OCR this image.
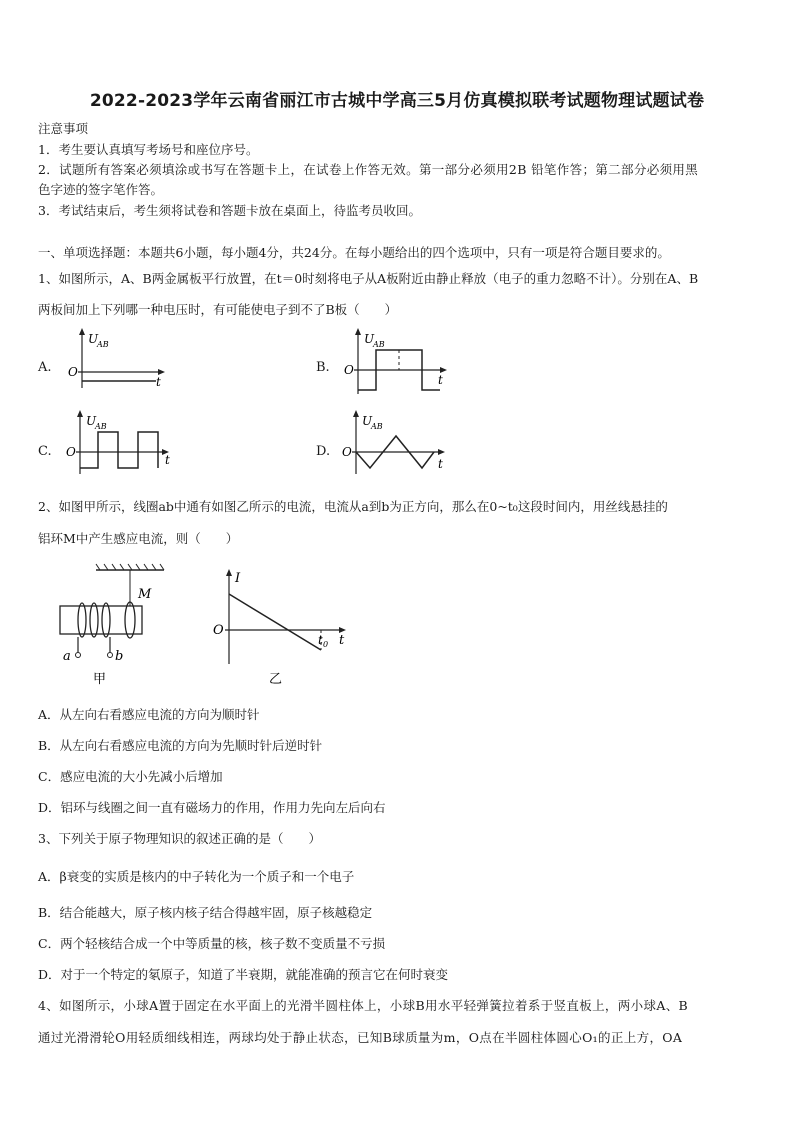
2022-2023学年云南省丽江市古城中学高三5月仿真模拟联考试题物理试题试卷
注意事项
1．考生要认真填写考场号和座位序号。
2．试题所有答案必须填涂或书写在答题卡上，在试卷上作答无效。第一部分必须用2B 铅笔作答；第二部分必须用黑
色字迹的签字笔作答。
3．考试结束后，考生须将试卷和答题卡放在桌面上，待监考员收回。
一、单项选择题：本题共6小题，每小题4分，共24分。在每小题给出的四个选项中，只有一项是符合题目要求的。
1、如图所示，A、B两金属板平行放置，在t＝0时刻将电子从A板附近由静止释放（电子的重力忽略不计）。分别在A、B
两板间加上下列哪一种电压时，有可能使电子到不了B板（　　）
A.	B.
C.	D.
U
AB
O
t
U
AB
O
t
U
AB
O
t
U
AB
O
t
2、如图甲所示，线圈ab中通有如图乙所示的电流，电流从a到b为正方向，那么在0~t₀这段时间内，用丝线悬挂的
铝环M中产生感应电流，则（　　）
M
a	b
甲
I
O
t 0 t
乙
A．从左向右看感应电流的方向为顺时针
B．从左向右看感应电流的方向为先顺时针后逆时针
C．感应电流的大小先减小后增加
D．铝环与线圈之间一直有磁场力的作用，作用力先向左后向右
3、下列关于原子物理知识的叙述正确的是（　　）
A．β衰变的实质是核内的中子转化为一个质子和一个电子
B．结合能越大，原子核内核子结合得越牢固，原子核越稳定
C．两个轻核结合成一个中等质量的核，核子数不变质量不亏损
D．对于一个特定的氡原子，知道了半衰期，就能准确的预言它在何时衰变
4、如图所示，小球A置于固定在水平面上的光滑半圆柱体上，小球B用水平轻弹簧拉着系于竖直板上，两小球A、B
通过光滑滑轮O用轻质细线相连，两球均处于静止状态，已知B球质量为m，O点在半圆柱体圆心O₁的正上方，OA
